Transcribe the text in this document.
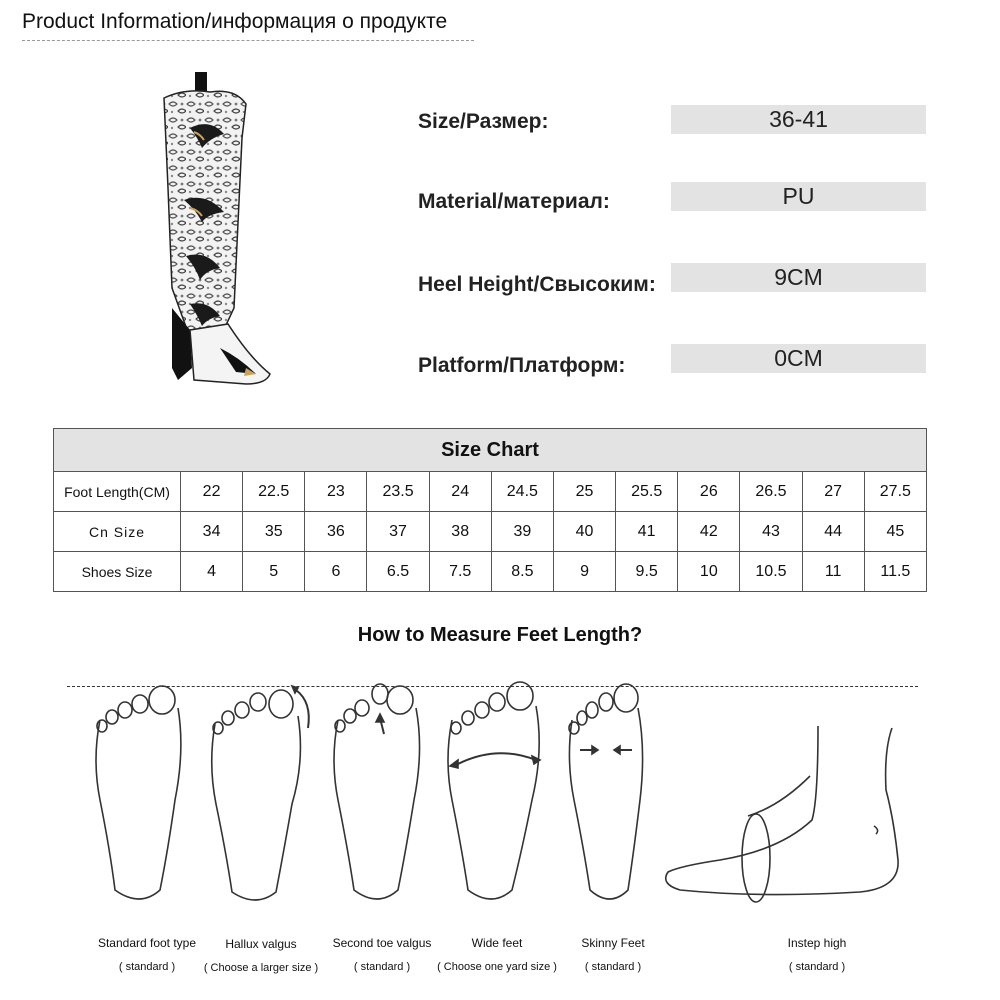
Product Information/информация о продукте
Size/Размер:	36-41
Material/материал:	PU
Heel Height/Свысоким:	9CM
Platform/Платформ:	0CM
Size Chart												
Foot Length(CM)	22	22.5	23	23.5	24	24.5	25	25.5	26	26.5	27	27.5
Cn Size	34	35	36	37	38	39	40	41	42	43	44	45
Shoes Size	4	5	6	6.5	7.5	8.5	9	9.5	10	10.5	11	11.5
How to Measure Feet Length?
Standard foot type
( standard )
Hallux valgus
( Choose a larger size )
Second toe valgus
( standard )
Wide feet
( Choose one yard size )
Skinny Feet
( standard )
Instep high
( standard )
